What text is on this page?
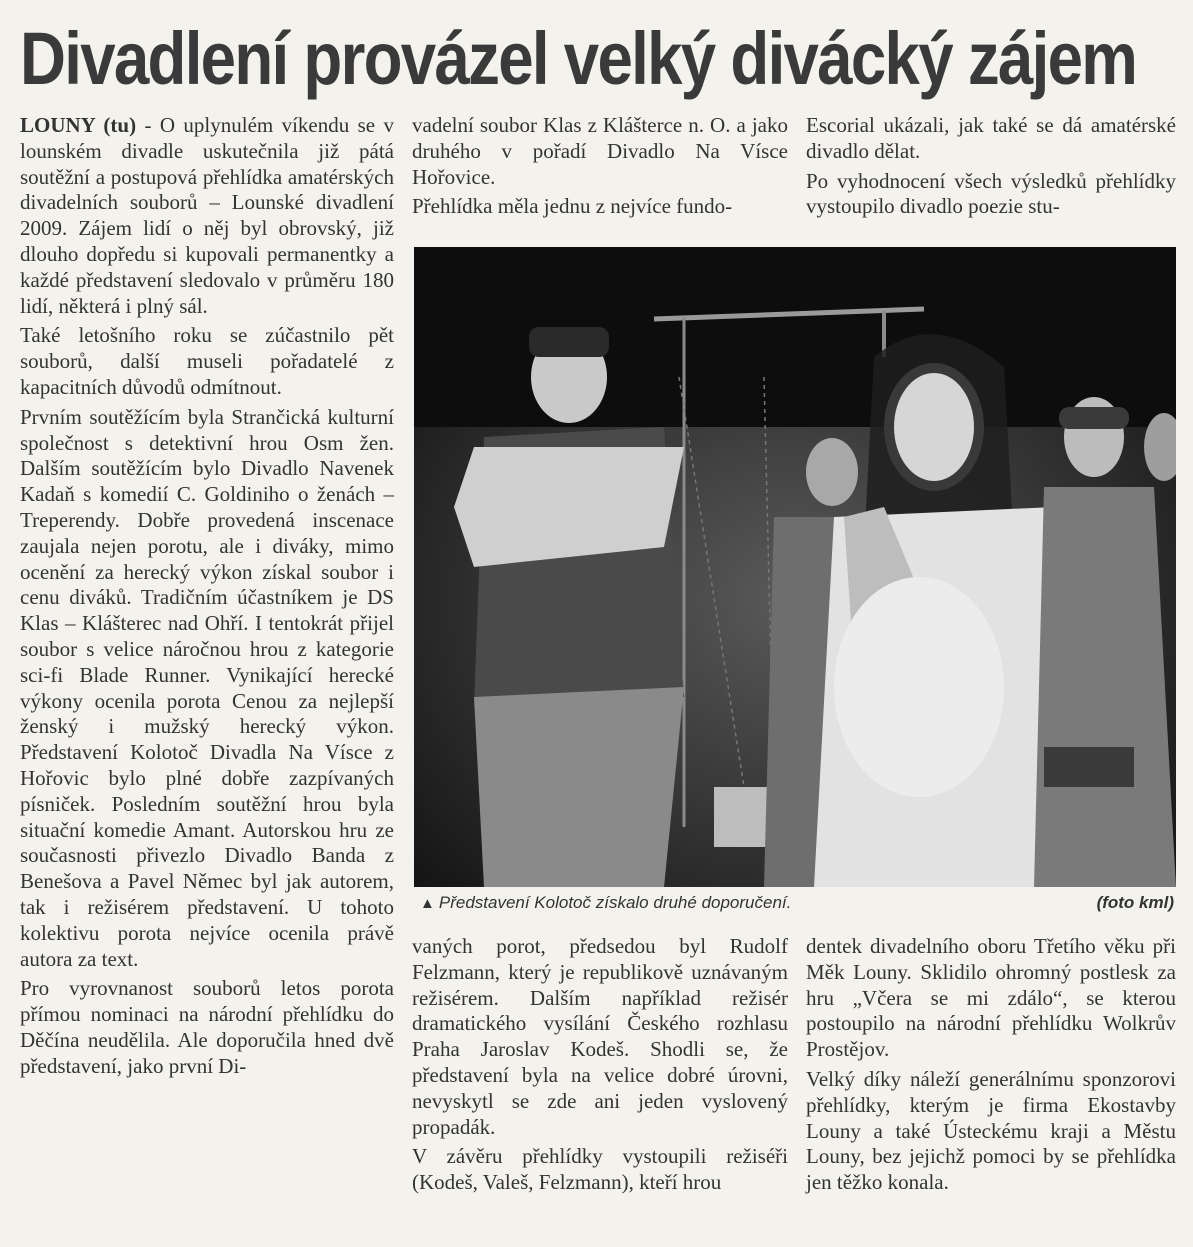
Divadlení provázel velký divácký zájem

LOUNY (tu) - O uplynulém víkendu se v lounském divadle uskutečnila již pátá soutěžní a postupová přehlídka amatérských divadelních souborů – Lounské divadlení 2009. Zájem lidí o něj byl obrovský, již dlouho dopředu si kupovali permanentky a každé představení sledovalo v průměru 180 lidí, některá i plný sál.

Také letošního roku se zúčastnilo pět souborů, další museli pořadatelé z kapacitních důvodů odmítnout.

Prvním soutěžícím byla Strančická kulturní společnost s detektivní hrou Osm žen. Dalším soutěžícím bylo Divadlo Navenek Kadaň s komedií C. Goldiniho o ženách – Treperendy. Dobře provedená inscenace zaujala nejen porotu, ale i diváky, mimo ocenění za herecký výkon získal soubor i cenu diváků. Tradičním účastníkem je DS Klas – Klášterec nad Ohří. I tentokrát přijel soubor s velice náročnou hrou z kategorie sci-fi Blade Runner. Vynikající herecké výkony ocenila porota Cenou za nejlepší ženský i mužský herecký výkon. Představení Kolotoč Divadla Na Vísce z Hořovic bylo plné dobře zazpívaných písniček. Posledním soutěžní hrou byla situační komedie Amant. Autorskou hru ze současnosti přivezlo Divadlo Banda z Benešova a Pavel Němec byl jak autorem, tak i režisérem představení. U tohoto kolektivu porota nejvíce ocenila právě autora za text.

Pro vyrovnanost souborů letos porota přímou nominaci na národní přehlídku do Děčína neudělila. Ale doporučila hned dvě představení, jako první Di-

vadelní soubor Klas z Klášterce n. O. a jako druhého v pořadí Divadlo Na Vísce Hořovice.

Přehlídka měla jednu z nejvíce fundo-

Escorial ukázali, jak také se dá amatérské divadlo dělat.

Po vyhodnocení všech výsledků přehlídky vystoupilo divadlo poezie stu-

▲ Představení Kolotoč získalo druhé doporučení.	(foto kml)

vaných porot, předsedou byl Rudolf Felzmann, který je republikově uznávaným režisérem. Dalším například režisér dramatického vysílání Českého rozhlasu Praha Jaroslav Kodeš. Shodli se, že představení byla na velice dobré úrovni, nevyskytl se zde ani jeden vyslovený propadák.

V závěru přehlídky vystoupili režiséři (Kodeš, Valeš, Felzmann), kteří hrou

dentek divadelního oboru Třetího věku při Měk Louny. Sklidilo ohromný postlesk za hru „Včera se mi zdálo“, se kterou postoupilo na národní přehlídku Wolkrův Prostějov.

Velký díky náleží generálnímu sponzorovi přehlídky, kterým je firma Ekostavby Louny a také Ústeckému kraji a Městu Louny, bez jejichž pomoci by se přehlídka jen těžko konala.
